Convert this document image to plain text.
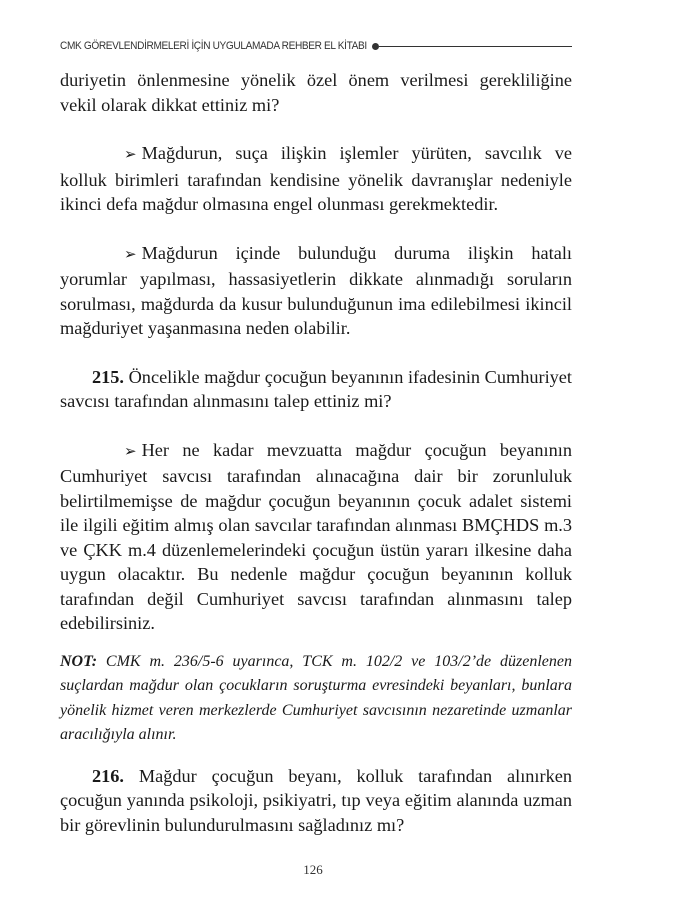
CMK GÖREVLENDİRMELERİ İÇİN UYGULAMADA REHBER EL KİTABI

duriyetin önlenmesine yönelik özel önem verilmesi gerekliliğine vekil olarak dikkat ettiniz mi?

➢ Mağdurun, suça ilişkin işlemler yürüten, savcılık ve kolluk birimleri tarafından kendisine yönelik davranışlar nedeniyle ikinci defa mağdur olmasına engel olunması gerekmektedir.

➢ Mağdurun içinde bulunduğu duruma ilişkin hatalı yorumlar yapılması, hassasiyetlerin dikkate alınmadığı soruların sorulması, mağdurda da kusur bulunduğunun ima edilebilmesi ikincil mağduriyet yaşanmasına neden olabilir.

215. Öncelikle mağdur çocuğun beyanının ifadesinin Cumhuriyet savcısı tarafından alınmasını talep ettiniz mi?

➢ Her ne kadar mevzuatta mağdur çocuğun beyanının Cumhuriyet savcısı tarafından alınacağına dair bir zorunluluk belirtilmemişse de mağdur çocuğun beyanının çocuk adalet sistemi ile ilgili eğitim almış olan savcılar tarafından alınması BMÇHDS m.3 ve ÇKK m.4 düzenlemelerindeki çocuğun üstün yararı ilkesine daha uygun olacaktır. Bu nedenle mağdur çocuğun beyanının kolluk tarafından değil Cumhuriyet savcısı tarafından alınmasını talep edebilirsiniz.

NOT: CMK m. 236/5-6 uyarınca, TCK m. 102/2 ve 103/2’de düzenlenen suçlardan mağdur olan çocukların soruşturma evresindeki beyanları, bunlara yönelik hizmet veren merkezlerde Cumhuriyet savcısının nezaretinde uzmanlar aracılığıyla alınır.

216. Mağdur çocuğun beyanı, kolluk tarafından alınırken çocuğun yanında psikoloji, psikiyatri, tıp veya eğitim alanında uzman bir görevlinin bulundurulmasını sağladınız mı?

126
